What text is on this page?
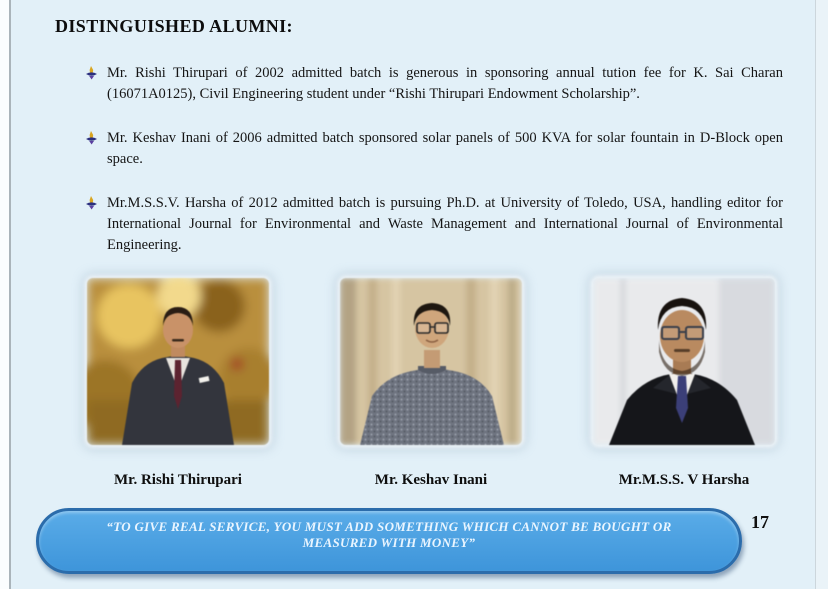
DISTINGUISHED ALUMNI:
Mr. Rishi Thirupari of 2002 admitted batch is generous in sponsoring annual tution fee for K. Sai Charan (16071A0125), Civil Engineering student under “Rishi Thirupari Endowment Scholarship”.
Mr. Keshav Inani of 2006 admitted batch sponsored solar panels of 500 KVA for solar fountain in D-Block open space.
Mr.M.S.S.V. Harsha of 2012 admitted batch is pursuing Ph.D. at University of Toledo, USA, handling editor for International Journal for Environmental and Waste Management and International Journal of Environmental Engineering.
Mr. Rishi Thirupari	Mr. Keshav Inani	Mr.M.S.S. V Harsha
“TO GIVE REAL SERVICE, YOU MUST ADD SOMETHING WHICH CANNOT BE BOUGHT OR MEASURED WITH MONEY”
17
